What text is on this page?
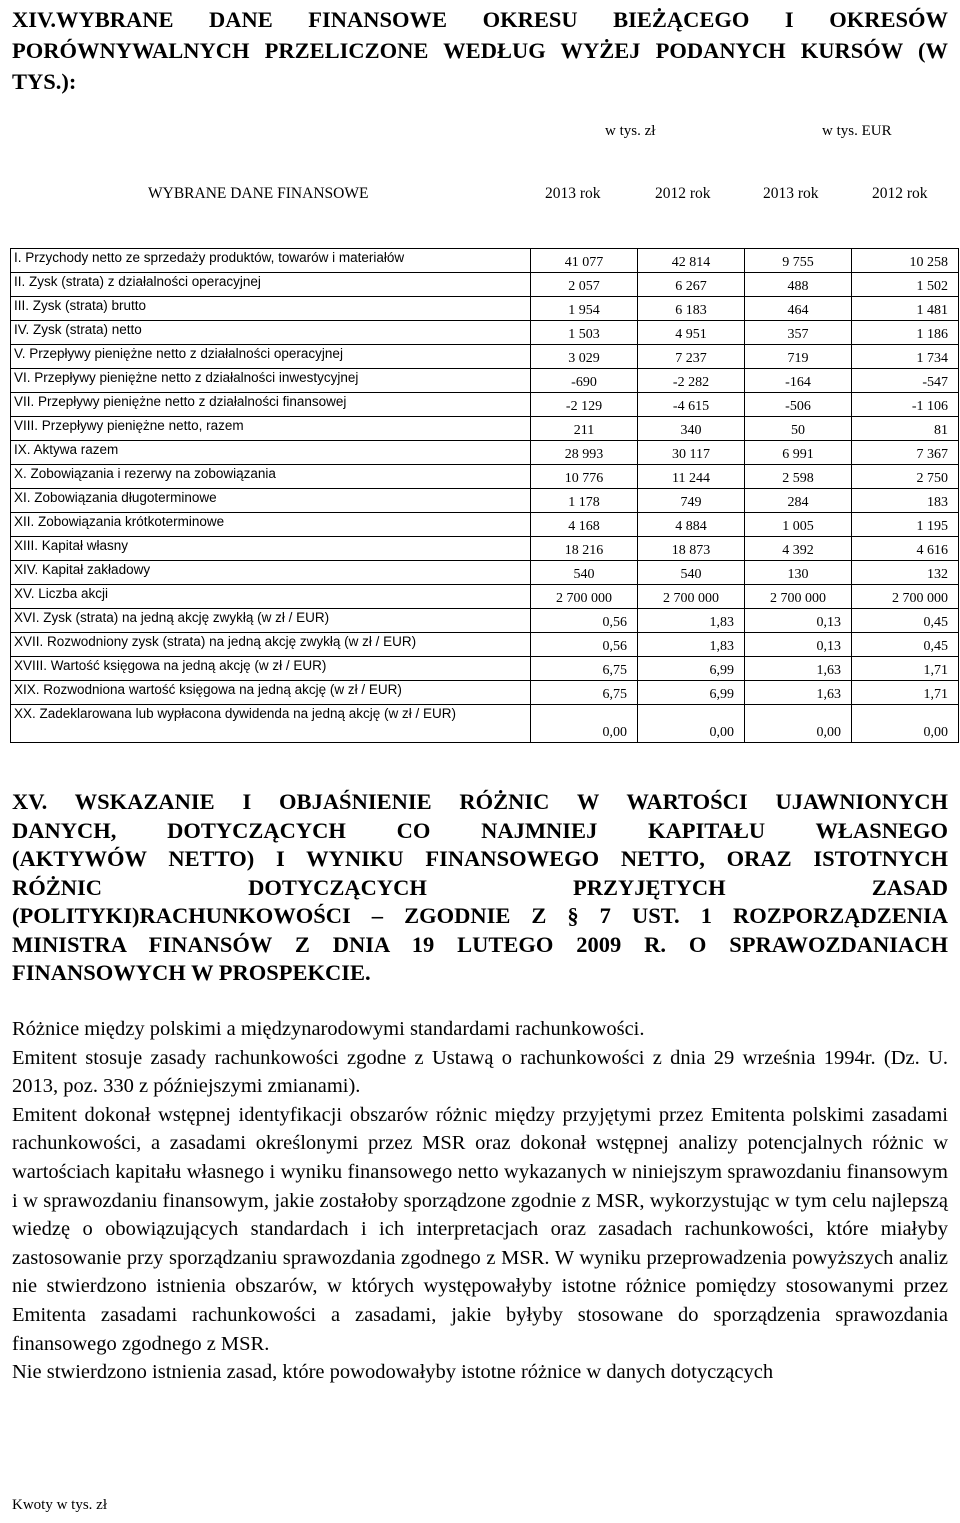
XIV.WYBRANE DANE FINANSOWE OKRESU BIEŻĄCEGO I OKRESÓW PORÓWNYWALNYCH PRZELICZONE WEDŁUG WYŻEJ PODANYCH KURSÓW (W TYS.):
w tys. zł	w tys. EUR
WYBRANE DANE FINANSOWE	2013 rok	2012 rok	2013 rok	2012 rok
I. Przychody netto ze sprzedaży produktów, towarów i materiałów	41 077	42 814	9 755	10 258
II. Zysk (strata) z działalności operacyjnej	2 057	6 267	488	1 502
III. Zysk (strata) brutto	1 954	6 183	464	1 481
IV. Zysk (strata) netto	1 503	4 951	357	1 186
V. Przepływy pieniężne netto z działalności operacyjnej	3 029	7 237	719	1 734
VI. Przepływy pieniężne netto z działalności inwestycyjnej	-690	-2 282	-164	-547
VII. Przepływy pieniężne netto z działalności finansowej	-2 129	-4 615	-506	-1 106
VIII. Przepływy pieniężne netto, razem	211	340	50	81
IX. Aktywa razem	28 993	30 117	6 991	7 367
X. Zobowiązania i rezerwy na zobowiązania	10 776	11 244	2 598	2 750
XI. Zobowiązania długoterminowe	1 178	749	284	183
XII. Zobowiązania krótkoterminowe	4 168	4 884	1 005	1 195
XIII. Kapitał własny	18 216	18 873	4 392	4 616
XIV. Kapitał zakładowy	540	540	130	132
XV. Liczba akcji	2 700 000	2 700 000	2 700 000	2 700 000
XVI. Zysk (strata) na jedną akcję zwykłą (w zł / EUR)	0,56	1,83	0,13	0,45
XVII. Rozwodniony zysk (strata) na jedną akcję zwykłą (w zł / EUR)	0,56	1,83	0,13	0,45
XVIII. Wartość księgowa na jedną akcję (w zł / EUR)	6,75	6,99	1,63	1,71
XIX. Rozwodniona wartość księgowa na jedną akcję (w zł / EUR)	6,75	6,99	1,63	1,71
XX. Zadeklarowana lub wypłacona dywidenda na jedną akcję (w zł / EUR)	0,00	0,00	0,00	0,00
XV. WSKAZANIE I OBJAŚNIENIE RÓŻNIC W WARTOŚCI UJAWNIONYCH
DANYCH, DOTYCZĄCYCH CO NAJMNIEJ KAPITAŁU WŁASNEGO
(AKTYWÓW NETTO) I WYNIKU FINANSOWEGO NETTO, ORAZ ISTOTNYCH
RÓŻNIC DOTYCZĄCYCH PRZYJĘTYCH ZASAD
(POLITYKI)RACHUNKOWOŚCI – ZGODNIE Z § 7 UST. 1 ROZPORZĄDZENIA
MINISTRA FINANSÓW Z DNIA 19 LUTEGO 2009 R. O SPRAWOZDANIACH
FINANSOWYCH W PROSPEKCIE.

Różnice między polskimi a międzynarodowymi standardami rachunkowości.

Emitent stosuje zasady rachunkowości zgodne z Ustawą o rachunkowości z dnia 29 września 1994r. (Dz. U. 2013, poz. 330 z późniejszymi zmianami).

Emitent dokonał wstępnej identyfikacji obszarów różnic między przyjętymi przez Emitenta polskimi zasadami rachunkowości, a zasadami określonymi przez MSR oraz dokonał wstępnej analizy potencjalnych różnic w wartościach kapitału własnego i wyniku finansowego netto wykazanych w niniejszym sprawozdaniu finansowym i w sprawozdaniu finansowym, jakie zostałoby sporządzone zgodnie z MSR, wykorzystując w tym celu najlepszą wiedzę o obowiązujących standardach i ich interpretacjach oraz zasadach rachunkowości, które miałyby zastosowanie przy sporządzaniu sprawozdania zgodnego z MSR. W wyniku przeprowadzenia powyższych analiz nie stwierdzono istnienia obszarów, w których występowałyby istotne różnice pomiędzy stosowanymi przez Emitenta zasadami rachunkowości a zasadami, jakie byłyby stosowane do sporządzenia sprawozdania finansowego zgodnego z MSR.

Nie stwierdzono istnienia zasad, które powodowałyby istotne różnice w danych dotyczących

Kwoty w tys. zł
